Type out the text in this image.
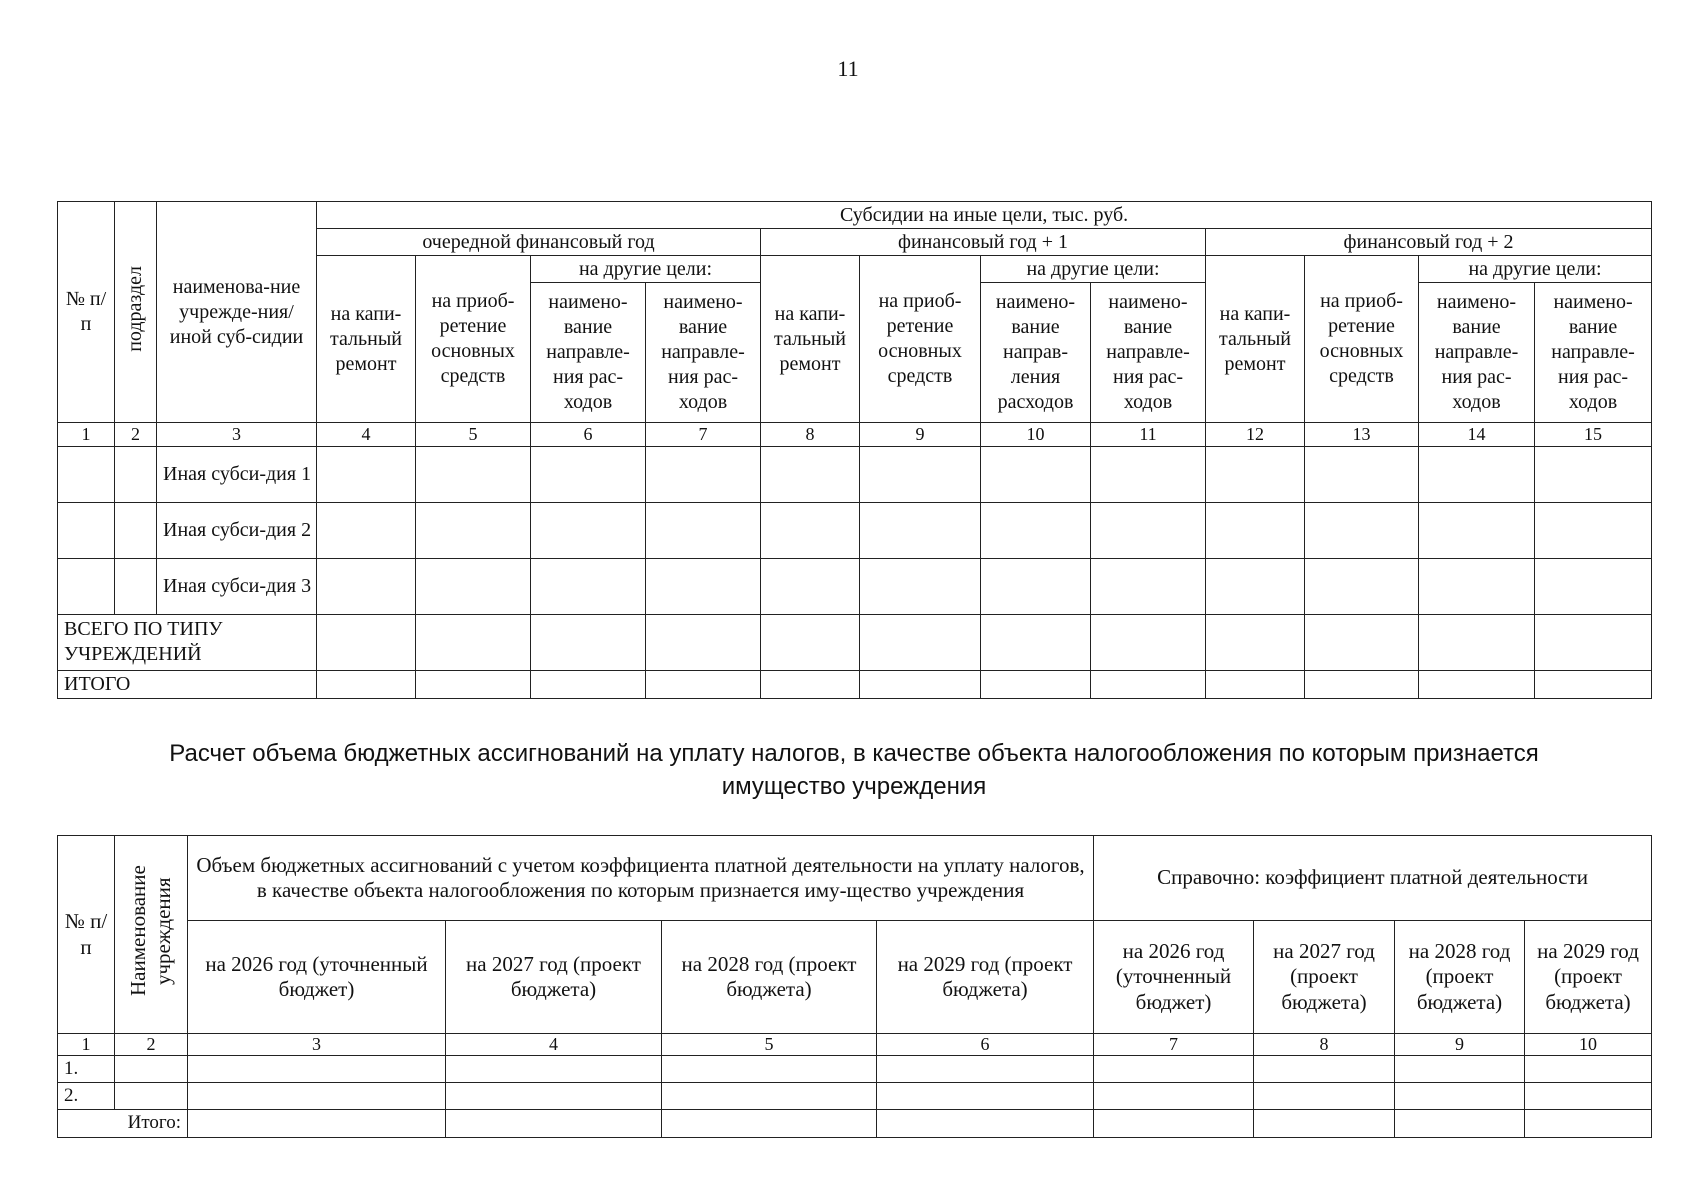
11
№ п/п	подраздел	наименова-ние учрежде-ния/иной суб-сидии	Субсидии на иные цели, тыс. руб.											
			очередной финансовый год				финансовый год + 1				финансовый год + 2			
			на капи-тальный ремонт	на приоб-ретение основных средств	на другие цели:		на капи-тальный ремонт	на приоб-ретение основных средств	на другие цели:		на капи-тальный ремонт	на приоб-ретение основных средств	на другие цели:	
					наимено-вание направле-ния рас-ходов	наимено-вание направле-ния рас-ходов			наимено-вание направ-ления расходов	наимено-вание направле-ния рас-ходов			наимено-вание направле-ния рас-ходов	наимено-вание направле-ния рас-ходов
1	2	3	4	5	6	7	8	9	10	11	12	13	14	15
		Иная субси-дия 1												
		Иная субси-дия 2												
		Иная субси-дия 3												
ВСЕГО ПО ТИПУ УЧРЕЖДЕНИЙ														
ИТОГО														
Расчет объема бюджетных ассигнований на уплату налогов, в качестве объекта налогообложения по которым признается
имущество учреждения
№ п/п	Наименование учреждения	Объем бюджетных ассигнований с учетом коэффициента платной деятельности на уплату налогов, в качестве объекта налогообложения по которым признается иму-щество учреждения				Справочно: коэффициент платной деятельности			
		на 2026 год (уточненный бюджет)	на 2027 год (проект бюджета)	на 2028 год (проект бюджета)	на 2029 год (проект бюджета)	на 2026 год (уточненный бюджет)	на 2027 год (проект бюджета)	на 2028 год (проект бюджета)	на 2029 год (проект бюджета)
1	2	3	4	5	6	7	8	9	10
1.									
2.									
Итого:									
